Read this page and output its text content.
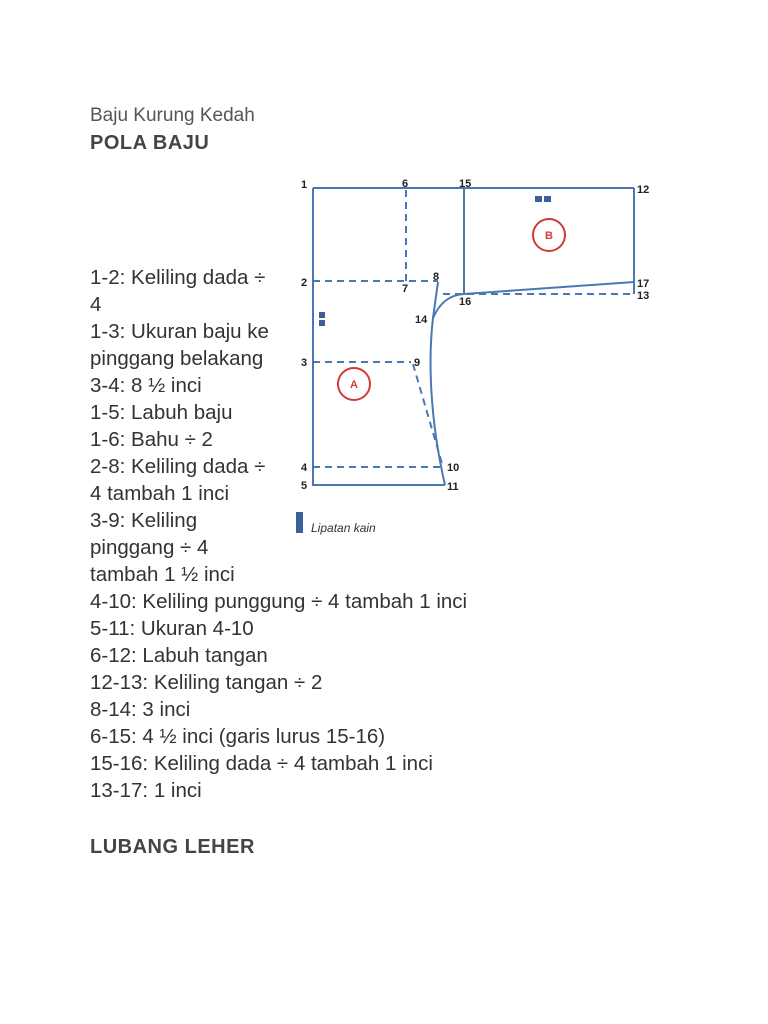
Baju Kurung Kedah
POLA BAJU
1-2: Keliling dada ÷ 4
1-3: Ukuran baju ke pinggang belakang
3-4: 8 ½ inci
1-5: Labuh baju
1-6: Bahu ÷ 2
2-8: Keliling dada ÷ 4 tambah 1 inci
3-9: Keliling pinggang ÷ 4 tambah 1 ½ inci
4-10: Keliling punggung ÷ 4 tambah 1 inci
5-11: Ukuran 4-10
6-12: Labuh tangan
12-13: Keliling tangan ÷ 2
8-14: 3 inci
6-15: 4 ½ inci (garis lurus 15-16)
15-16: Keliling dada ÷ 4 tambah 1 inci
13-17: 1 inci
LUBANG LEHER
A
B
1
2
3
4
5
6
7
8
9
10
11
12
13
14
15
16
17
Lipatan kain
